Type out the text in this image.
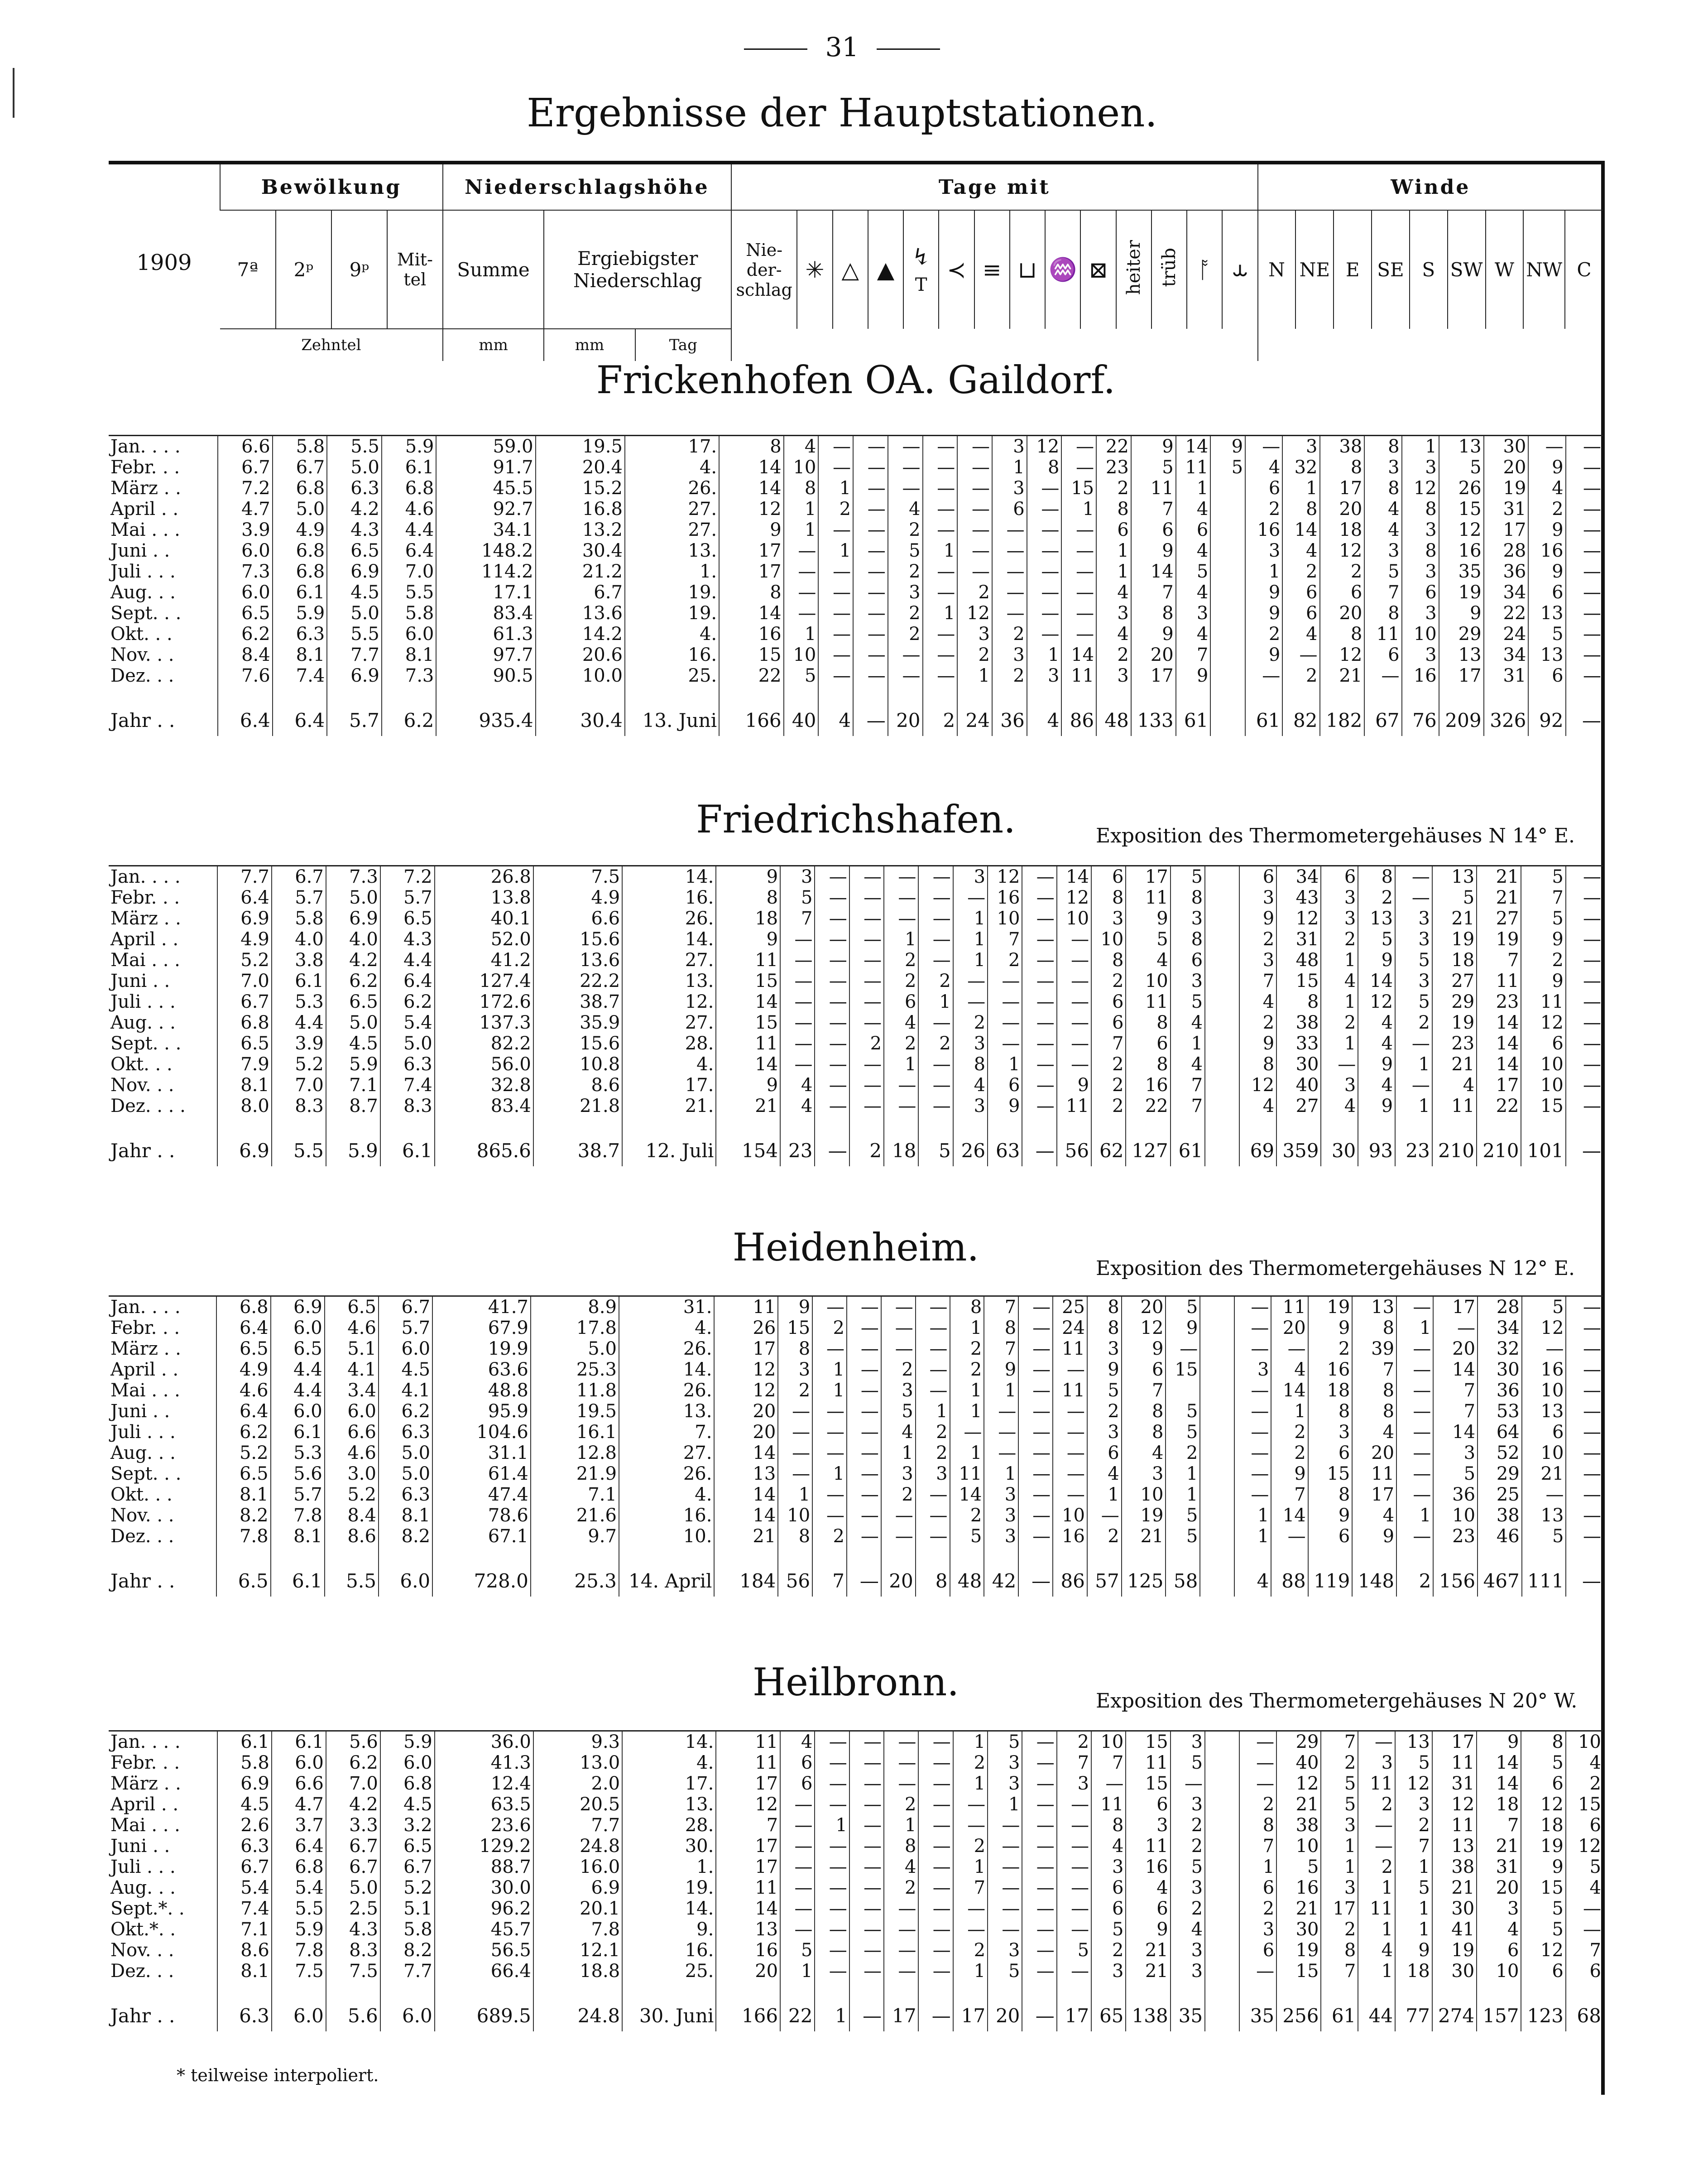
31
Ergebnisse der Hauptstationen.
1909	Bewölkung				Niederschlagshöhe			Tage mit														Winde								
	7ª	2ᵖ	9ᵖ	Mit-tel	Summe	Ergiebigster Niederschlag		Nie-der-schlag	✳	△	▲	↯
T	≺	≡	⊔	♒	⊠	heiter	trüb	ᚩ	⥿	N	NE	E	SE	S	SW	W	NW	C
	Zehntel				mm	mm	Tag																							
Frickenhofen OA. Gaildorf.
Jan. . . .	6.6	5.8	5.5	5.9	59.0	19.5	17.	8	4	—	—	—	—	—	3	12	—	22	9	14	9	—	3	38	8	1	13	30	—	—
Febr. . .	6.7	6.7	5.0	6.1	91.7	20.4	4.	14	10	—	—	—	—	—	1	8	—	23	5	11	5	4	32	8	3	3	5	20	9	—
März . .	7.2	6.8	6.3	6.8	45.5	15.2	26.	14	8	1	—	—	—	—	3	—	15	2	11	1		6	1	17	8	12	26	19	4	—
April . .	4.7	5.0	4.2	4.6	92.7	16.8	27.	12	1	2	—	4	—	—	6	—	1	8	7	4		2	8	20	4	8	15	31	2	—
Mai . . .	3.9	4.9	4.3	4.4	34.1	13.2	27.	9	1	—	—	2	—	—	—	—	—	6	6	6		16	14	18	4	3	12	17	9	—
Juni . .	6.0	6.8	6.5	6.4	148.2	30.4	13.	17	—	1	—	5	1	—	—	—	—	1	9	4		3	4	12	3	8	16	28	16	—
Juli . . .	7.3	6.8	6.9	7.0	114.2	21.2	1.	17	—	—	—	2	—	—	—	—	—	1	14	5		1	2	2	5	3	35	36	9	—
Aug. . .	6.0	6.1	4.5	5.5	17.1	6.7	19.	8	—	—	—	3	—	2	—	—	—	4	7	4		9	6	6	7	6	19	34	6	—
Sept. . .	6.5	5.9	5.0	5.8	83.4	13.6	19.	14	—	—	—	2	1	12	—	—	—	3	8	3		9	6	20	8	3	9	22	13	—
Okt. . .	6.2	6.3	5.5	6.0	61.3	14.2	4.	16	1	—	—	2	—	3	2	—	—	4	9	4		2	4	8	11	10	29	24	5	—
Nov. . .	8.4	8.1	7.7	8.1	97.7	20.6	16.	15	10	—	—	—	—	2	3	1	14	2	20	7		9	—	12	6	3	13	34	13	—
Dez. . .	7.6	7.4	6.9	7.3	90.5	10.0	25.	22	5	—	—	—	—	1	2	3	11	3	17	9		—	2	21	—	16	17	31	6	—

Jahr . .	6.4	6.4	5.7	6.2	935.4	30.4	13. Juni	166	40	4	—	20	2	24	36	4	86	48	133	61		61	82	182	67	76	209	326	92	—
Friedrichshafen.	Exposition des Thermometergehäuses N 14° E.
Jan. . . .	7.7	6.7	7.3	7.2	26.8	7.5	14.	9	3	—	—	—	—	3	12	—	14	6	17	5		6	34	6	8	—	13	21	5	—
Febr. . .	6.4	5.7	5.0	5.7	13.8	4.9	16.	8	5	—	—	—	—	—	16	—	12	8	11	8		3	43	3	2	—	5	21	7	—
März . .	6.9	5.8	6.9	6.5	40.1	6.6	26.	18	7	—	—	—	—	1	10	—	10	3	9	3		9	12	3	13	3	21	27	5	—
April . .	4.9	4.0	4.0	4.3	52.0	15.6	14.	9	—	—	—	1	—	1	7	—	—	10	5	8		2	31	2	5	3	19	19	9	—
Mai . . .	5.2	3.8	4.2	4.4	41.2	13.6	27.	11	—	—	—	2	—	1	2	—	—	8	4	6		3	48	1	9	5	18	7	2	—
Juni . .	7.0	6.1	6.2	6.4	127.4	22.2	13.	15	—	—	—	2	2	—	—	—	—	2	10	3		7	15	4	14	3	27	11	9	—
Juli . . .	6.7	5.3	6.5	6.2	172.6	38.7	12.	14	—	—	—	6	1	—	—	—	—	6	11	5		4	8	1	12	5	29	23	11	—
Aug. . .	6.8	4.4	5.0	5.4	137.3	35.9	27.	15	—	—	—	4	—	2	—	—	—	6	8	4		2	38	2	4	2	19	14	12	—
Sept. . .	6.5	3.9	4.5	5.0	82.2	15.6	28.	11	—	—	2	2	2	3	—	—	—	7	6	1		9	33	1	4	—	23	14	6	—
Okt. . .	7.9	5.2	5.9	6.3	56.0	10.8	4.	14	—	—	—	1	—	8	1	—	—	2	8	4		8	30	—	9	1	21	14	10	—
Nov. . .	8.1	7.0	7.1	7.4	32.8	8.6	17.	9	4	—	—	—	—	4	6	—	9	2	16	7		12	40	3	4	—	4	17	10	—
Dez. . . .	8.0	8.3	8.7	8.3	83.4	21.8	21.	21	4	—	—	—	—	3	9	—	11	2	22	7		4	27	4	9	1	11	22	15	—

Jahr . .	6.9	5.5	5.9	6.1	865.6	38.7	12. Juli	154	23	—	2	18	5	26	63	—	56	62	127	61		69	359	30	93	23	210	210	101	—
Heidenheim.	Exposition des Thermometergehäuses N 12° E.
Jan. . . .	6.8	6.9	6.5	6.7	41.7	8.9	31.	11	9	—	—	—	—	8	7	—	25	8	20	5		—	11	19	13	—	17	28	5	—
Febr. . .	6.4	6.0	4.6	5.7	67.9	17.8	4.	26	15	2	—	—	—	1	8	—	24	8	12	9		—	20	9	8	1	—	34	12	—
März . .	6.5	6.5	5.1	6.0	19.9	5.0	26.	17	8	—	—	—	—	2	7	—	11	3	9	—		—	—	2	39	—	20	32	—	—
April . .	4.9	4.4	4.1	4.5	63.6	25.3	14.	12	3	1	—	2	—	2	9	—	—	9	6	15		3	4	16	7	—	14	30	16	—
Mai . . .	4.6	4.4	3.4	4.1	48.8	11.8	26.	12	2	1	—	3	—	1	1	—	11	5	7			—	14	18	8	—	7	36	10	—
Juni . .	6.4	6.0	6.0	6.2	95.9	19.5	13.	20	—	—	—	5	1	1	—	—	—	2	8	5		—	1	8	8	—	7	53	13	—
Juli . . .	6.2	6.1	6.6	6.3	104.6	16.1	7.	20	—	—	—	4	2	—	—	—	—	3	8	5		—	2	3	4	—	14	64	6	—
Aug. . .	5.2	5.3	4.6	5.0	31.1	12.8	27.	14	—	—	—	1	2	1	—	—	—	6	4	2		—	2	6	20	—	3	52	10	—
Sept. . .	6.5	5.6	3.0	5.0	61.4	21.9	26.	13	—	1	—	3	3	11	1	—	—	4	3	1		—	9	15	11	—	5	29	21	—
Okt. . .	8.1	5.7	5.2	6.3	47.4	7.1	4.	14	1	—	—	2	—	14	3	—	—	1	10	1		—	7	8	17	—	36	25	—	—
Nov. . .	8.2	7.8	8.4	8.1	78.6	21.6	16.	14	10	—	—	—	—	2	3	—	10	—	19	5		1	14	9	4	1	10	38	13	—
Dez. . .	7.8	8.1	8.6	8.2	67.1	9.7	10.	21	8	2	—	—	—	5	3	—	16	2	21	5		1	—	6	9	—	23	46	5	—

Jahr . .	6.5	6.1	5.5	6.0	728.0	25.3	14. April	184	56	7	—	20	8	48	42	—	86	57	125	58		4	88	119	148	2	156	467	111	—
Heilbronn.	Exposition des Thermometergehäuses N 20° W.
Jan. . . .	6.1	6.1	5.6	5.9	36.0	9.3	14.	11	4	—	—	—	—	1	5	—	2	10	15	3		—	29	7	—	13	17	9	8	10
Febr. . .	5.8	6.0	6.2	6.0	41.3	13.0	4.	11	6	—	—	—	—	2	3	—	7	7	11	5		—	40	2	3	5	11	14	5	4
März . .	6.9	6.6	7.0	6.8	12.4	2.0	17.	17	6	—	—	—	—	1	3	—	3	—	15	—		—	12	5	11	12	31	14	6	2
April . .	4.5	4.7	4.2	4.5	63.5	20.5	13.	12	—	—	—	2	—	—	1	—	—	11	6	3		2	21	5	2	3	12	18	12	15
Mai . . .	2.6	3.7	3.3	3.2	23.6	7.7	28.	7	—	1	—	1	—	—	—	—	—	8	3	2		8	38	3	—	2	11	7	18	6
Juni . .	6.3	6.4	6.7	6.5	129.2	24.8	30.	17	—	—	—	8	—	2	—	—	—	4	11	2		7	10	1	—	7	13	21	19	12
Juli . . .	6.7	6.8	6.7	6.7	88.7	16.0	1.	17	—	—	—	4	—	1	—	—	—	3	16	5		1	5	1	2	1	38	31	9	5
Aug. . .	5.4	5.4	5.0	5.2	30.0	6.9	19.	11	—	—	—	2	—	7	—	—	—	6	4	3		6	16	3	1	5	21	20	15	4
Sept.*. .	7.4	5.5	2.5	5.1	96.2	20.1	14.	14	—	—	—	—	—	—	—	—	—	6	6	2		2	21	17	11	1	30	3	5	—
Okt.*. .	7.1	5.9	4.3	5.8	45.7	7.8	9.	13	—	—	—	—	—	—	—	—	—	5	9	4		3	30	2	1	1	41	4	5	—
Nov. . .	8.6	7.8	8.3	8.2	56.5	12.1	16.	16	5	—	—	—	—	2	3	—	5	2	21	3		6	19	8	4	9	19	6	12	7
Dez. . .	8.1	7.5	7.5	7.7	66.4	18.8	25.	20	1	—	—	—	—	1	5	—	—	3	21	3		—	15	7	1	18	30	10	6	6

Jahr . .	6.3	6.0	5.6	6.0	689.5	24.8	30. Juni	166	22	1	—	17	—	17	20	—	17	65	138	35		35	256	61	44	77	274	157	123	68
* teilweise interpoliert.
